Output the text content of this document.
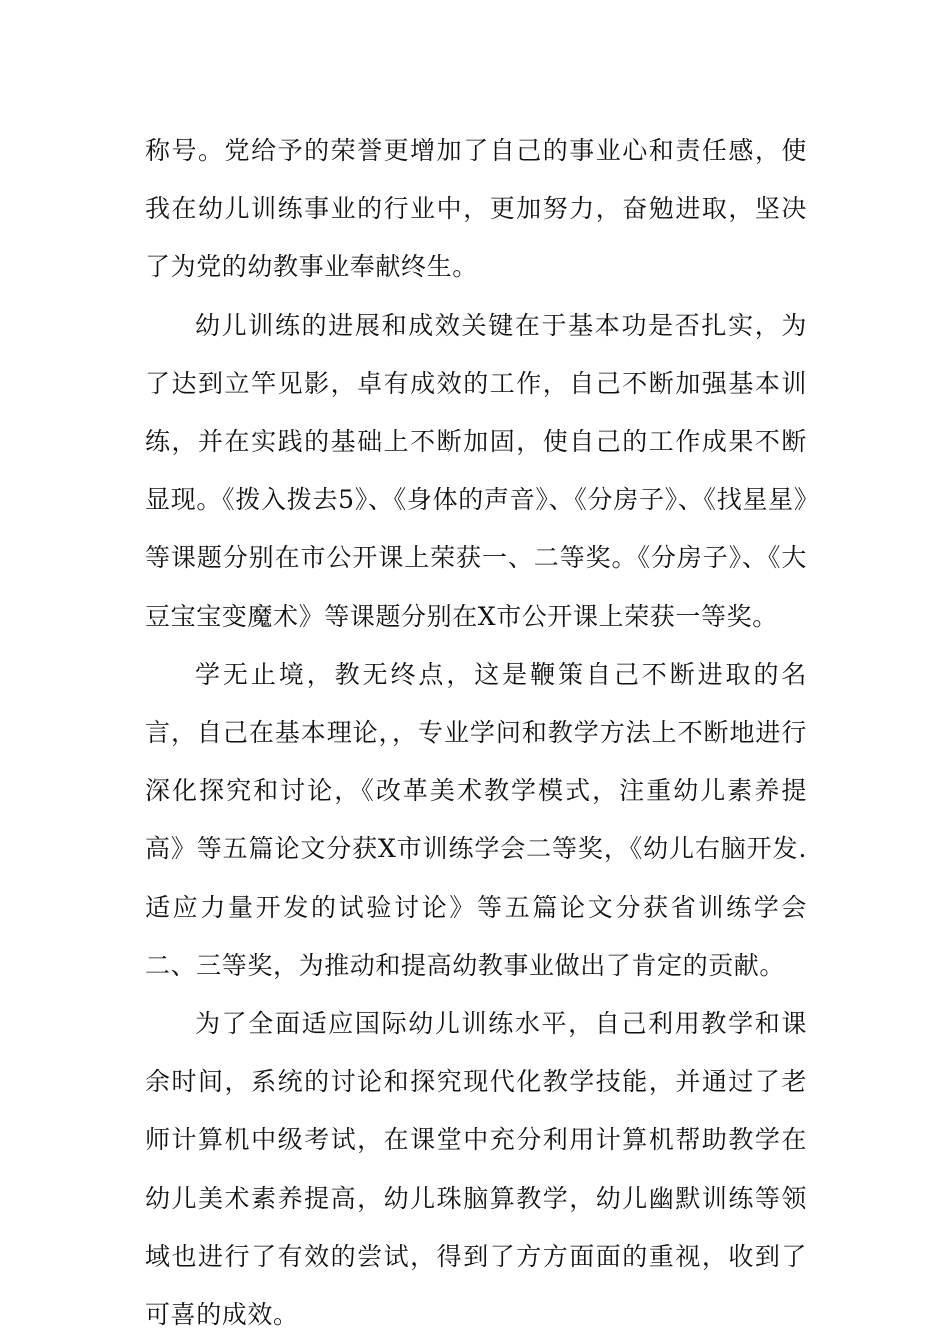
称号。党给予的荣誉更增加了自己的事业心和责任感，使我在幼儿训练事业的行业中，更加努力，奋勉进取，坚决了为党的幼教事业奉献终生。

幼儿训练的进展和成效关键在于基本功是否扎实，为了达到立竿见影，卓有成效的工作，自己不断加强基本训练，并在实践的基础上不断加固，使自己的工作成果不断显现。《拨入拨去5》、《身体的声音》、《分房子》、《找星星》等课题分别在市公开课上荣获一、二等奖。《分房子》、《大豆宝宝变魔术》等课题分别在X市公开课上荣获一等奖。

学无止境，教无终点，这是鞭策自己不断进取的名言，自己在基本理论，，专业学问和教学方法上不断地进行深化探究和讨论，《改革美术教学模式，注重幼儿素养提高》等五篇论文分获X市训练学会二等奖，《幼儿右脑开发.适应力量开发的试验讨论》等五篇论文分获省训练学会二、三等奖，为推动和提高幼教事业做出了肯定的贡献。

为了全面适应国际幼儿训练水平，自己利用教学和课余时间，系统的讨论和探究现代化教学技能，并通过了老师计算机中级考试，在课堂中充分利用计算机帮助教学在幼儿美术素养提高，幼儿珠脑算教学，幼儿幽默训练等领域也进行了有效的尝试，得到了方方面面的重视，收到了可喜的成效。
